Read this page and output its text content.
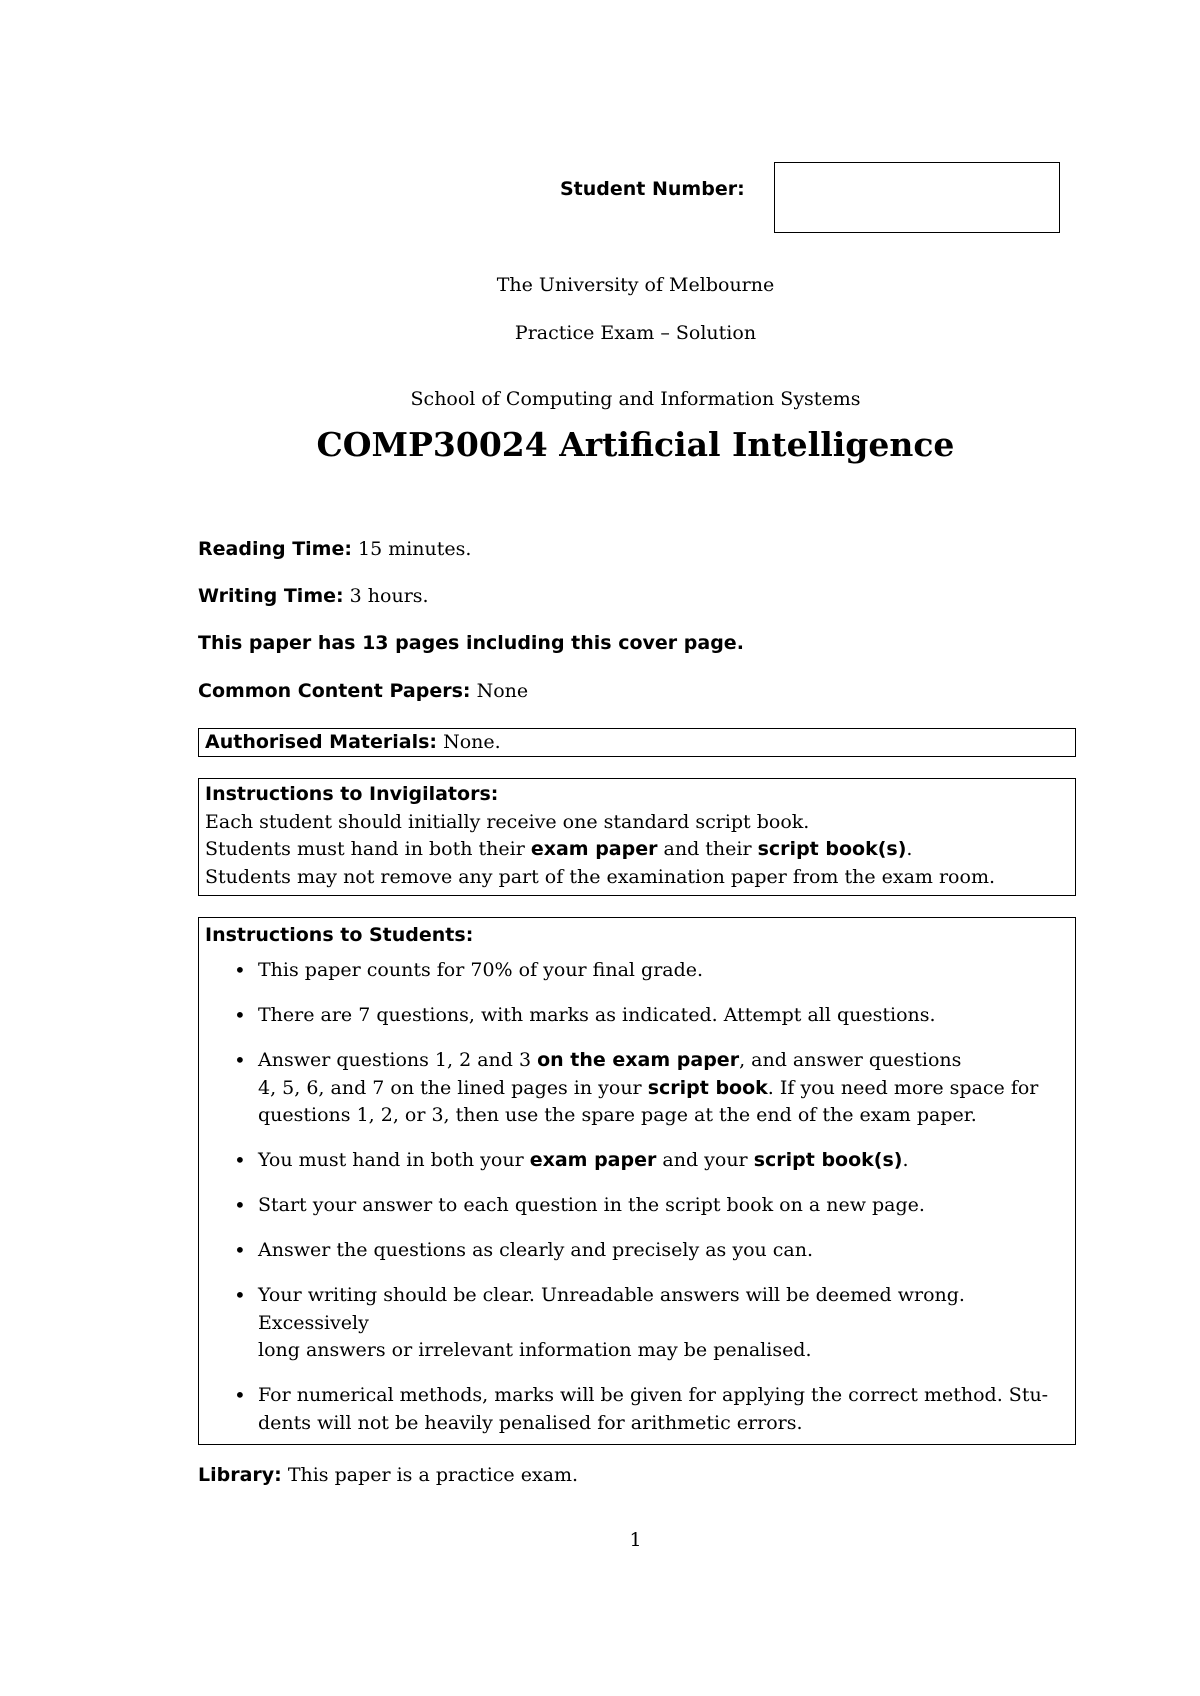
Student Number:
The University of Melbourne
Practice Exam – Solution
School of Computing and Information Systems
COMP30024 Artificial Intelligence
Reading Time: 15 minutes.
Writing Time: 3 hours.
This paper has 13 pages including this cover page.
Common Content Papers: None
Authorised Materials: None.
Instructions to Invigilators:
Each student should initially receive one standard script book.
Students must hand in both their exam paper and their script book(s).
Students may not remove any part of the examination paper from the exam room.
Instructions to Students:
• This paper counts for 70% of your final grade.
• There are 7 questions, with marks as indicated. Attempt all questions.
• Answer questions 1, 2 and 3 on the exam paper, and answer questions
4, 5, 6, and 7 on the lined pages in your script book. If you need more space for
questions 1, 2, or 3, then use the spare page at the end of the exam paper.
• You must hand in both your exam paper and your script book(s).
• Start your answer to each question in the script book on a new page.
• Answer the questions as clearly and precisely as you can.
• Your writing should be clear. Unreadable answers will be deemed wrong. Excessively
long answers or irrelevant information may be penalised.
• For numerical methods, marks will be given for applying the correct method. Stu-
dents will not be heavily penalised for arithmetic errors.
Library: This paper is a practice exam.
1
